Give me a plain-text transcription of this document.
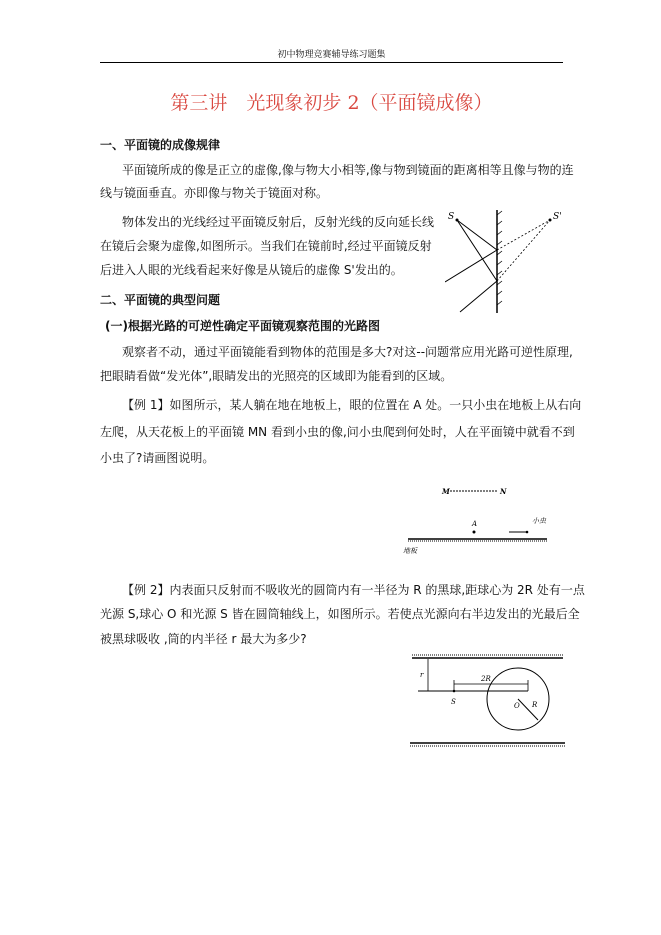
初中物理竞赛辅导练习题集
第三讲　光现象初步 2（平面镜成像）
一、平面镜的成像规律
平面镜所成的像是正立的虚像,像与物大小相等,像与物到镜面的距离相等且像与物的连
线与镜面垂直。亦即像与物关于镜面对称。
物体发出的光线经过平面镜反射后，反射光线的反向延长线
在镜后会聚为虚像,如图所示。当我们在镜前时,经过平面镜反射
后进入人眼的光线看起来好像是从镜后的虚像 S'发出的。
S	S'
二、平面镜的典型问题
(一)根据光路的可逆性确定平面镜观察范围的光路图
观察者不动，通过平面镜能看到物体的范围是多大?对这--问题常应用光路可逆性原理,
把眼睛看做“发光体”,眼睛发出的光照亮的区域即为能看到的区域。
【例 1】如图所示，某人躺在地在地板上，眼的位置在 A 处。一只小虫在地板上从右向
左爬，从天花板上的平面镜 MN 看到小虫的像,问小虫爬到何处时，人在平面镜中就看不到
小虫了?请画图说明。
M	N
A	小虫
地板
【例 2】内表面只反射而不吸收光的圆筒内有一半径为 R 的黑球,距球心为 2R 处有一点
光源 S,球心 O 和光源 S 皆在圆筒轴线上，如图所示。若使点光源向右半边发出的光最后全
被黑球吸收 ,筒的内半径 r 最大为多少?
r	2R
S	O R
